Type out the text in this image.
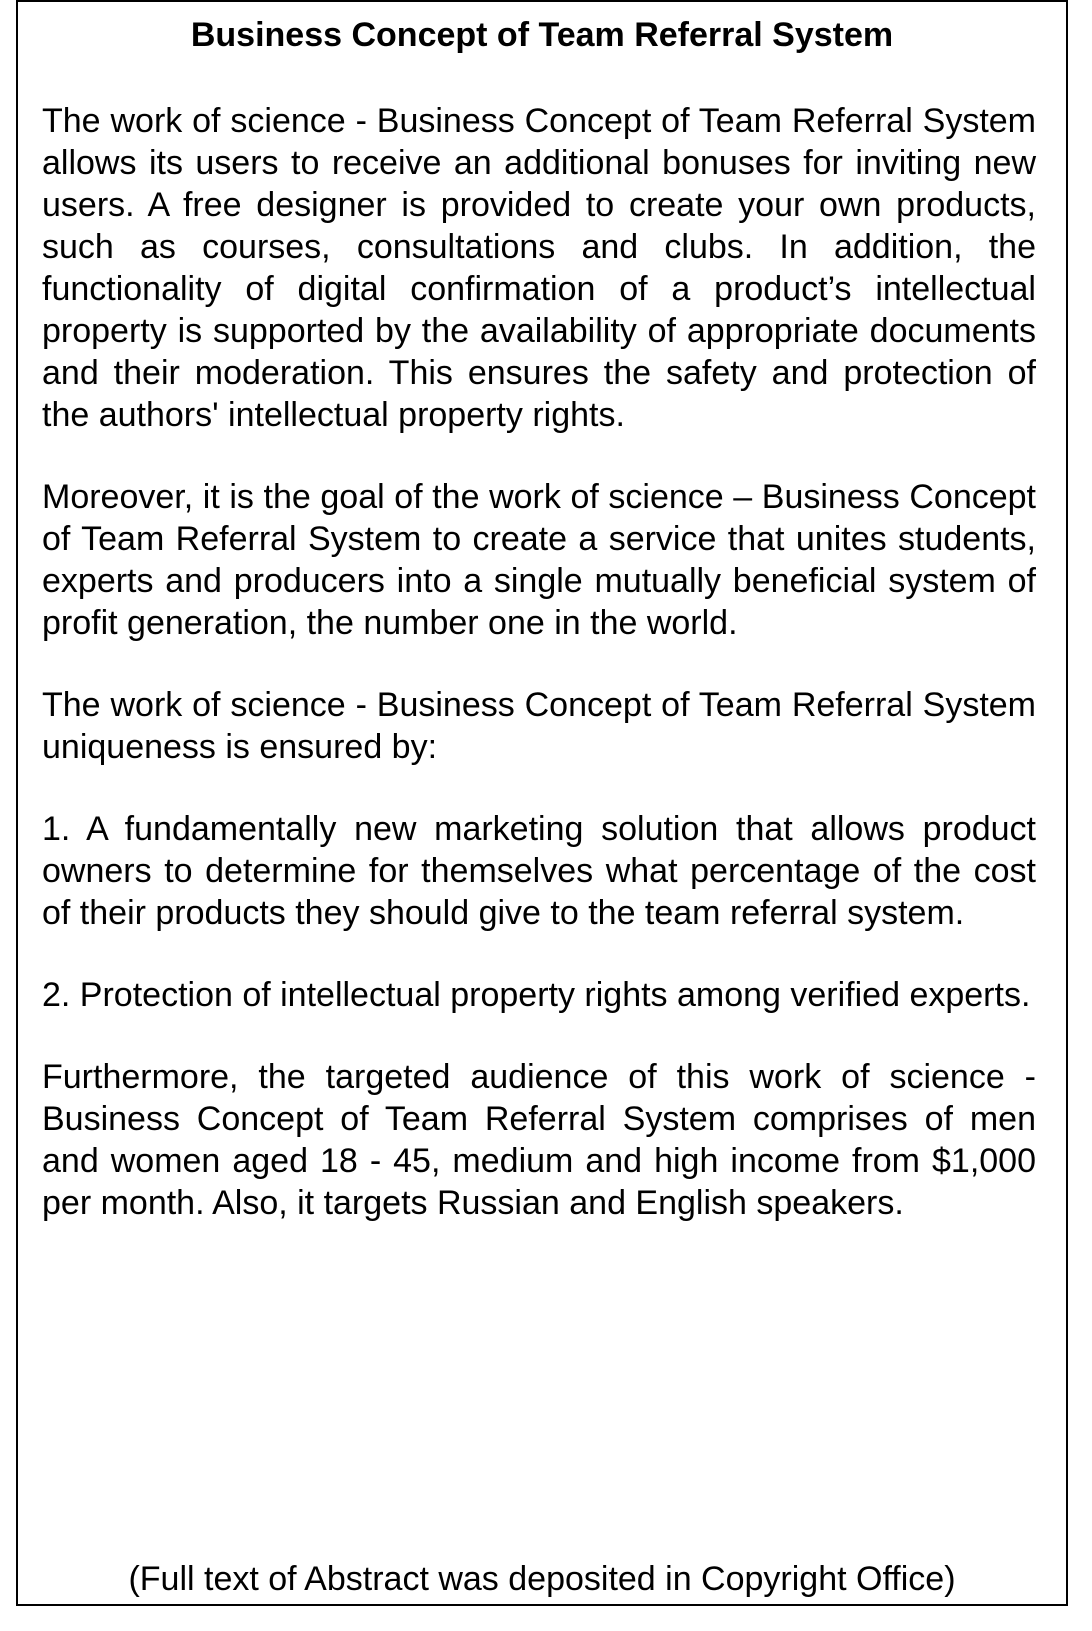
Business Concept of Team Referral System

The work of science - Business Concept of Team Referral System allows its users to receive an additional bonuses for inviting new users. A free designer is provided to create your own products, such as courses, consultations and clubs. In addition, the functionality of digital confirmation of a product’s intellectual property is supported by the availability of appropriate documents and their moderation. This ensures the safety and protection of the authors' intellectual property rights.

Moreover, it is the goal of the work of science – Business Concept of Team Referral System to create a service that unites students, experts and producers into a single mutually beneficial system of profit generation, the number one in the world.

The work of science - Business Concept of Team Referral System uniqueness is ensured by:

1. A fundamentally new marketing solution that allows product owners to determine for themselves what percentage of the cost of their products they should give to the team referral system.

2. Protection of intellectual property rights among verified experts.

Furthermore, the targeted audience of this work of science - Business Concept of Team Referral System comprises of men and women aged 18 - 45, medium and high income from $1,000 per month. Also, it targets Russian and English speakers.

(Full text of Abstract was deposited in Copyright Office)
